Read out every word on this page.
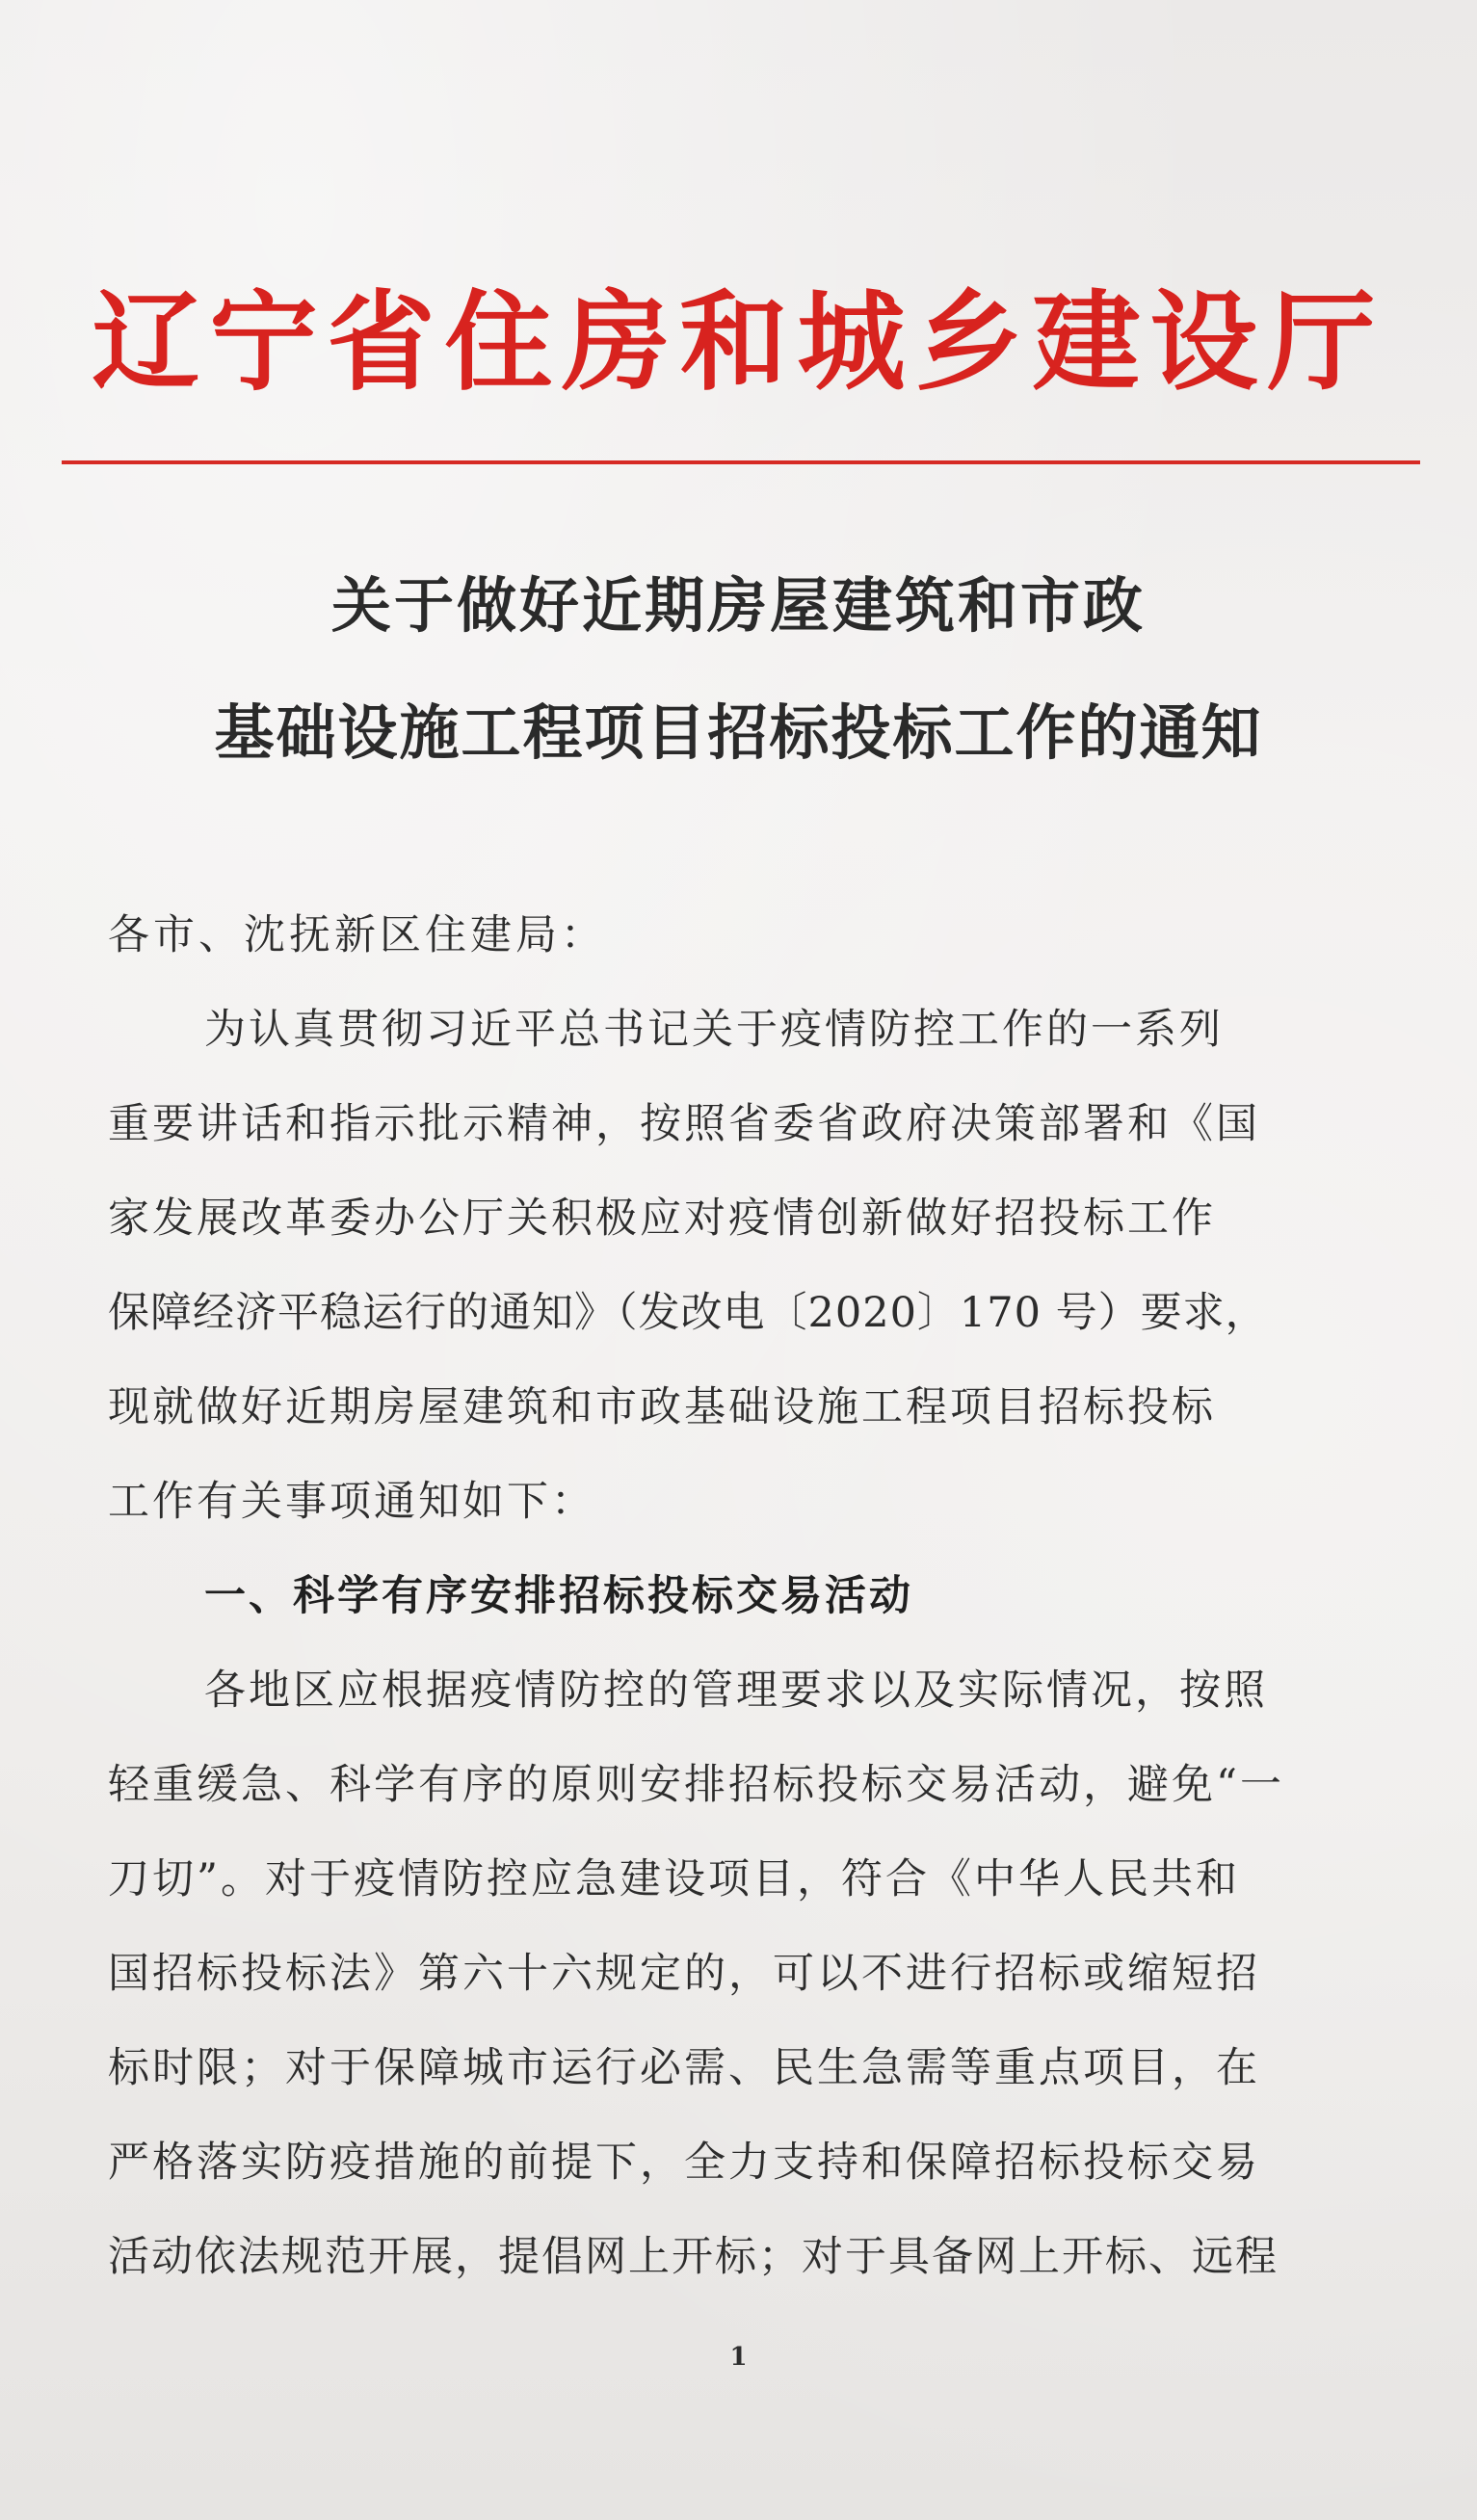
辽宁省住房和城乡建设厅
关于做好近期房屋建筑和市政
基础设施工程项目招标投标工作的通知

各市、沈抚新区住建局：

为认真贯彻习近平总书记关于疫情防控工作的一系列

重要讲话和指示批示精神，按照省委省政府决策部署和《国

家发展改革委办公厅关积极应对疫情创新做好招投标工作

保障经济平稳运行的通知》（发改电〔2020〕170 号）要求，

现就做好近期房屋建筑和市政基础设施工程项目招标投标

工作有关事项通知如下：

一、科学有序安排招标投标交易活动

各地区应根据疫情防控的管理要求以及实际情况，按照

轻重缓急、科学有序的原则安排招标投标交易活动，避免“一

刀切”。对于疫情防控应急建设项目，符合《中华人民共和

国招标投标法》第六十六规定的，可以不进行招标或缩短招

标时限；对于保障城市运行必需、民生急需等重点项目，在

严格落实防疫措施的前提下，全力支持和保障招标投标交易

活动依法规范开展，提倡网上开标；对于具备网上开标、远程

1
